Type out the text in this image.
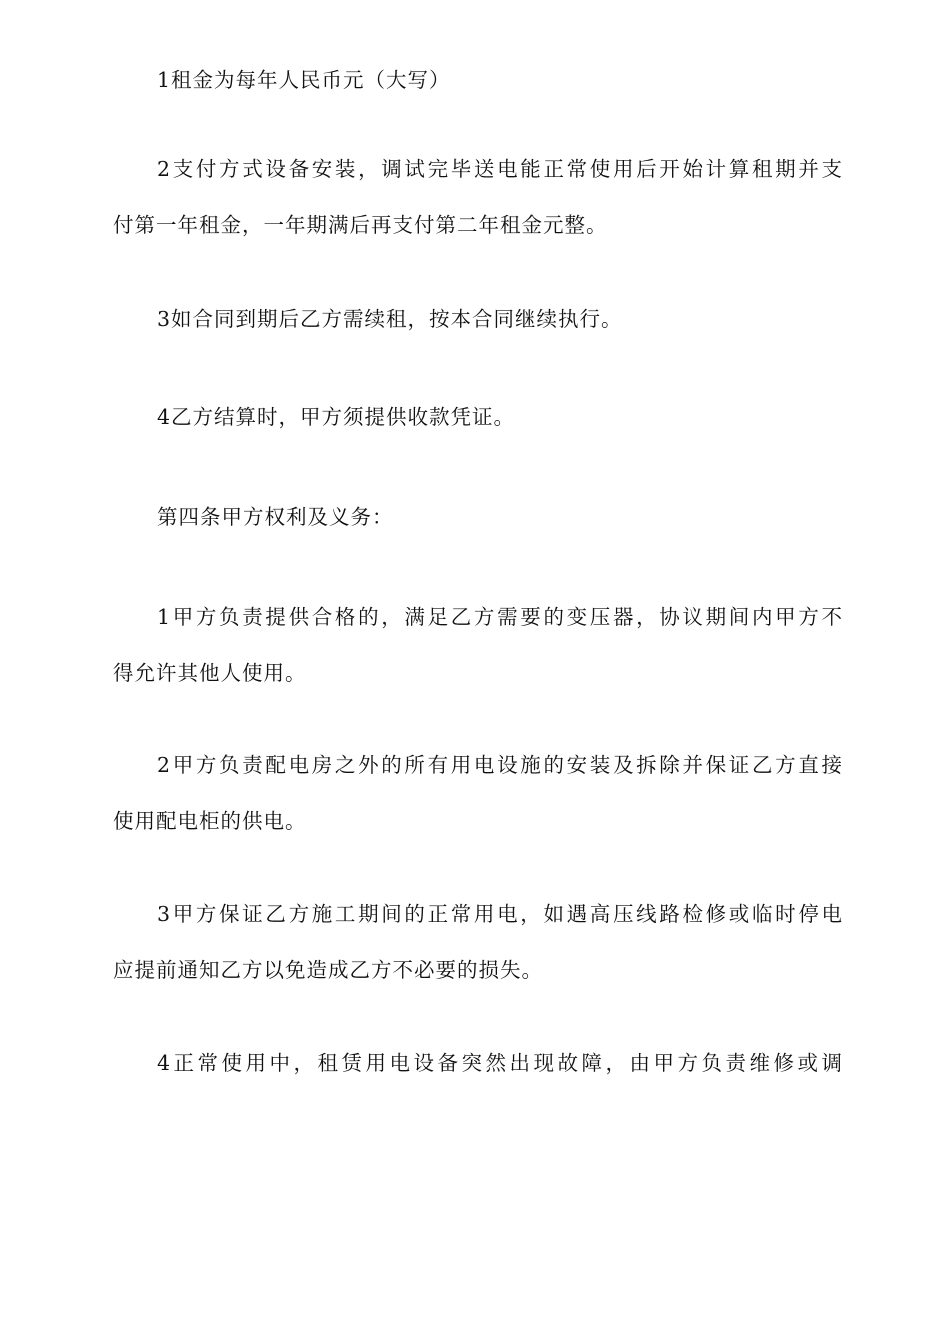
1租金为每年人民币元（大写）

2支付方式设备安装，调试完毕送电能正常使用后开始计算租期并支
付第一年租金，一年期满后再支付第二年租金元整。

3如合同到期后乙方需续租，按本合同继续执行。

4乙方结算时，甲方须提供收款凭证。

第四条甲方权利及义务：

1甲方负责提供合格的，满足乙方需要的变压器，协议期间内甲方不
得允许其他人使用。

2甲方负责配电房之外的所有用电设施的安装及拆除并保证乙方直接
使用配电柜的供电。

3甲方保证乙方施工期间的正常用电，如遇高压线路检修或临时停电
应提前通知乙方以免造成乙方不必要的损失。

4正常使用中，租赁用电设备突然出现故障，由甲方负责维修或调
